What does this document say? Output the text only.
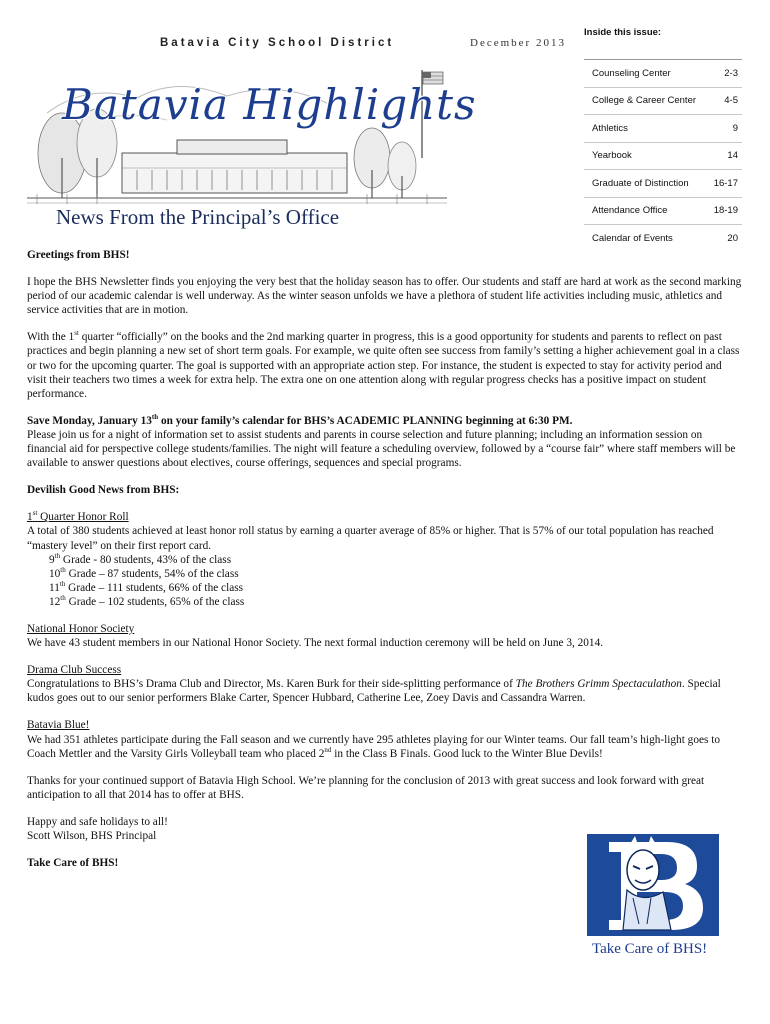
Batavia City School District	December 2013
Batavia Highlights
News From the Principal’s Office
Inside this issue:
Counseling Center	2-3
College & Career Center	4-5
Athletics	9
Yearbook	14
Graduate of Distinction	16-17
Attendance Office	18-19
Calendar of Events	20

Greetings from BHS!

I hope the BHS Newsletter finds you enjoying the very best that the holiday season has to offer. Our students and staff are hard at work as the second marking period of our academic calendar is well underway. As the winter season unfolds we have a plethora of student life activities including music, athletics and service activities that are in motion.

With the 1st quarter “officially” on the books and the 2nd marking quarter in progress, this is a good opportunity for students and parents to reflect on past practices and begin planning a new set of short term goals. For example, we quite often see success from family’s setting a higher achievement goal in a class or two for the upcoming quarter. The goal is supported with an appropriate action step. For instance, the student is expected to stay for activity period and visit their teachers two times a week for extra help. The extra one on one attention along with regular progress checks has a positive impact on student performance.

Save Monday, January 13th on your family’s calendar for BHS’s ACADEMIC PLANNING beginning at 6:30 PM.
Please join us for a night of information set to assist students and parents in course selection and future planning; including an information session on financial aid for perspective college students/families. The night will feature a scheduling overview, followed by a “course fair” where staff members will be available to answer questions about electives, course offerings, sequences and special programs.

Devilish Good News from BHS:

1st Quarter Honor Roll
A total of 380 students achieved at least honor roll status by earning a quarter average of 85% or higher. That is 57% of our total population has reached “mastery level” on their first report card.
9th Grade - 80 students, 43% of the class
10th Grade – 87 students, 54% of the class
11th Grade – 111 students, 66% of the class
12th Grade – 102 students, 65% of the class

National Honor Society
We have 43 student members in our National Honor Society. The next formal induction ceremony will be held on June 3, 2014.

Drama Club Success
Congratulations to BHS’s Drama Club and Director, Ms. Karen Burk for their side-splitting performance of The Brothers Grimm Spectaculathon. Special kudos goes out to our senior performers Blake Carter, Spencer Hubbard, Catherine Lee, Zoey Davis and Cassandra Warren.

Batavia Blue!
We had 351 athletes participate during the Fall season and we currently have 295 athletes playing for our Winter teams. Our fall team’s high-light goes to Coach Mettler and the Varsity Girls Volleyball team who placed 2nd in the Class B Finals. Good luck to the Winter Blue Devils!

Thanks for your continued support of Batavia High School. We’re planning for the conclusion of 2013 with great success and look forward with great anticipation to all that 2014 has to offer at BHS.

Happy and safe holidays to all!
Scott Wilson, BHS Principal

Take Care of BHS!

Take Care of BHS!
